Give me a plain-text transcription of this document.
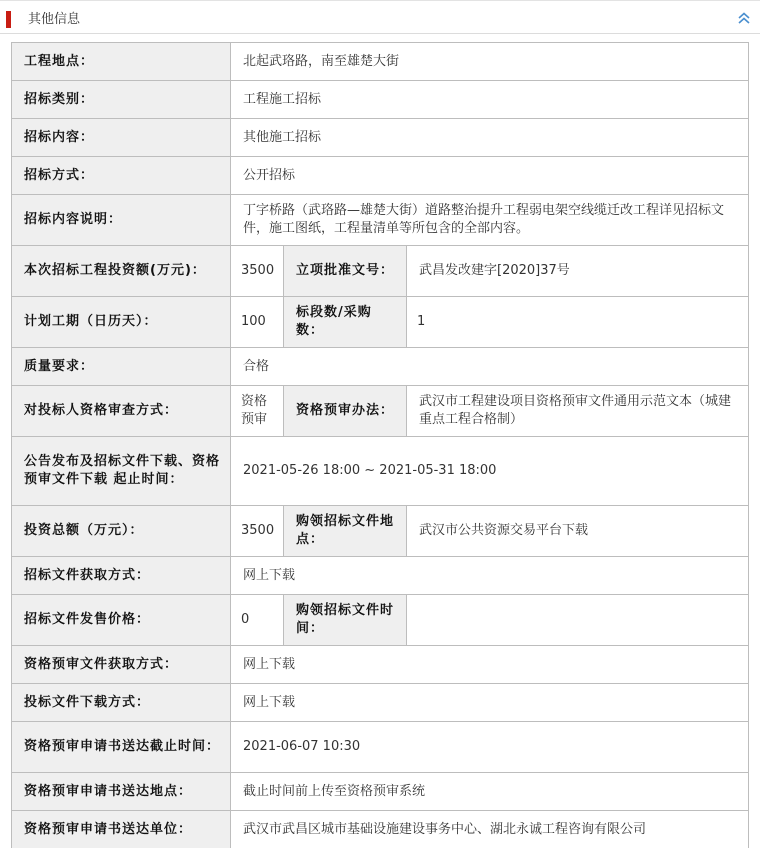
其他信息
工程地点：	北起武珞路，南至雄楚大街		
招标类别：	工程施工招标		
招标内容：	其他施工招标		
招标方式：	公开招标		
招标内容说明：	丁字桥路（武珞路—雄楚大街）道路整治提升工程弱电架空线缆迁改工程详见招标文件，施工图纸，工程量清单等所包含的全部内容。		
本次招标工程投资额(万元)：	3500	立项批准文号：	武昌发改建字[2020]37号
计划工期（日历天）：	100	标段数/采购数：	1
质量要求：	合格		
对投标人资格审查方式：	资格预审	资格预审办法：	武汉市工程建设项目资格预审文件通用示范文本（城建重点工程合格制）
公告发布及招标文件下载、资格预审文件下载 起止时间：	2021-05-26 18:00 ~ 2021-05-31 18:00		
投资总额（万元）：	3500	购领招标文件地点：	武汉市公共资源交易平台下载
招标文件获取方式：	网上下载		
招标文件发售价格：	0	购领招标文件时间：	
资格预审文件获取方式：	网上下载		
投标文件下载方式：	网上下载		
资格预审申请书送达截止时间：	2021-06-07 10:30		
资格预审申请书送达地点：	截止时间前上传至资格预审系统		
资格预审申请书送达单位：	武汉市武昌区城市基础设施建设事务中心、湖北永诚工程咨询有限公司		
